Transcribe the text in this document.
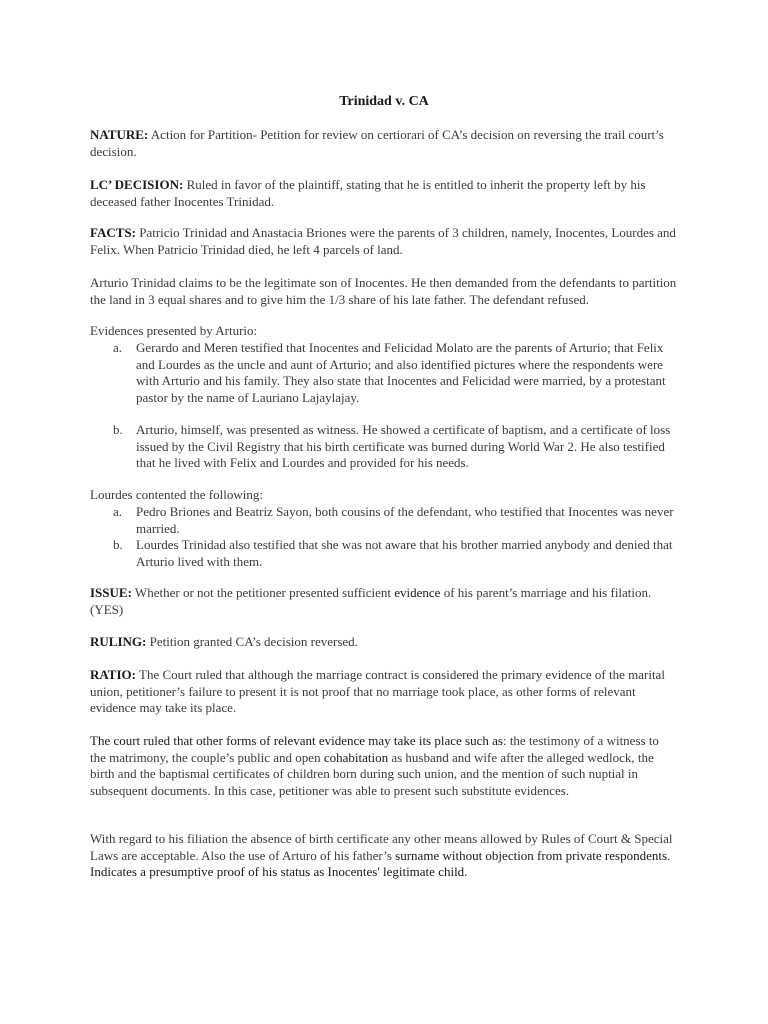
Trinidad v. CA
NATURE: Action for Partition- Petition for review on certiorari of CA’s decision on reversing the trail court’s decision.
LC’ DECISION: Ruled in favor of the plaintiff, stating that he is entitled to inherit the property left by his deceased father Inocentes Trinidad.
FACTS: Patricio Trinidad and Anastacia Briones were the parents of 3 children, namely, Inocentes, Lourdes and Felix. When Patricio Trinidad died, he left 4 parcels of land.
Arturio Trinidad claims to be the legitimate son of Inocentes. He then demanded from the defendants to partition the land in 3 equal shares and to give him the 1/3 share of his late father. The defendant refused.
Evidences presented by Arturio:
a.	Gerardo and Meren testified that Inocentes and Felicidad Molato are the parents of Arturio; that Felix and Lourdes as the uncle and aunt of Arturio; and also identified pictures where the respondents were with Arturio and his family. They also state that Inocentes and Felicidad were married, by a protestant pastor by the name of Lauriano Lajaylajay.
b.	Arturio, himself, was presented as witness. He showed a certificate of baptism, and a certificate of loss issued by the Civil Registry that his birth certificate was burned during World War 2. He also testified that he lived with Felix and Lourdes and provided for his needs.
Lourdes contented the following:
a.	Pedro Briones and Beatriz Sayon, both cousins of the defendant, who testified that Inocentes was never married.
b.	Lourdes Trinidad also testified that she was not aware that his brother married anybody and denied that Arturio lived with them.
ISSUE: Whether or not the petitioner presented sufficient evidence of his parent’s marriage and his filation. (YES)
RULING: Petition granted CA’s decision reversed.
RATIO: The Court ruled that although the marriage contract is considered the primary evidence of the marital union, petitioner’s failure to present it is not proof that no marriage took place, as other forms of relevant evidence may take its place.
The court ruled that other forms of relevant evidence may take its place such as: the testimony of a witness to the matrimony, the couple’s public and open cohabitation as husband and wife after the alleged wedlock, the birth and the baptismal certificates of children born during such union, and the mention of such nuptial in subsequent documents. In this case, petitioner was able to present such substitute evidences.
With regard to his filiation the absence of birth certificate any other means allowed by Rules of Court & Special Laws are acceptable. Also the use of Arturo of his father’s surname without objection from private respondents. Indicates a presumptive proof of his status as Inocentes' legitimate child.
